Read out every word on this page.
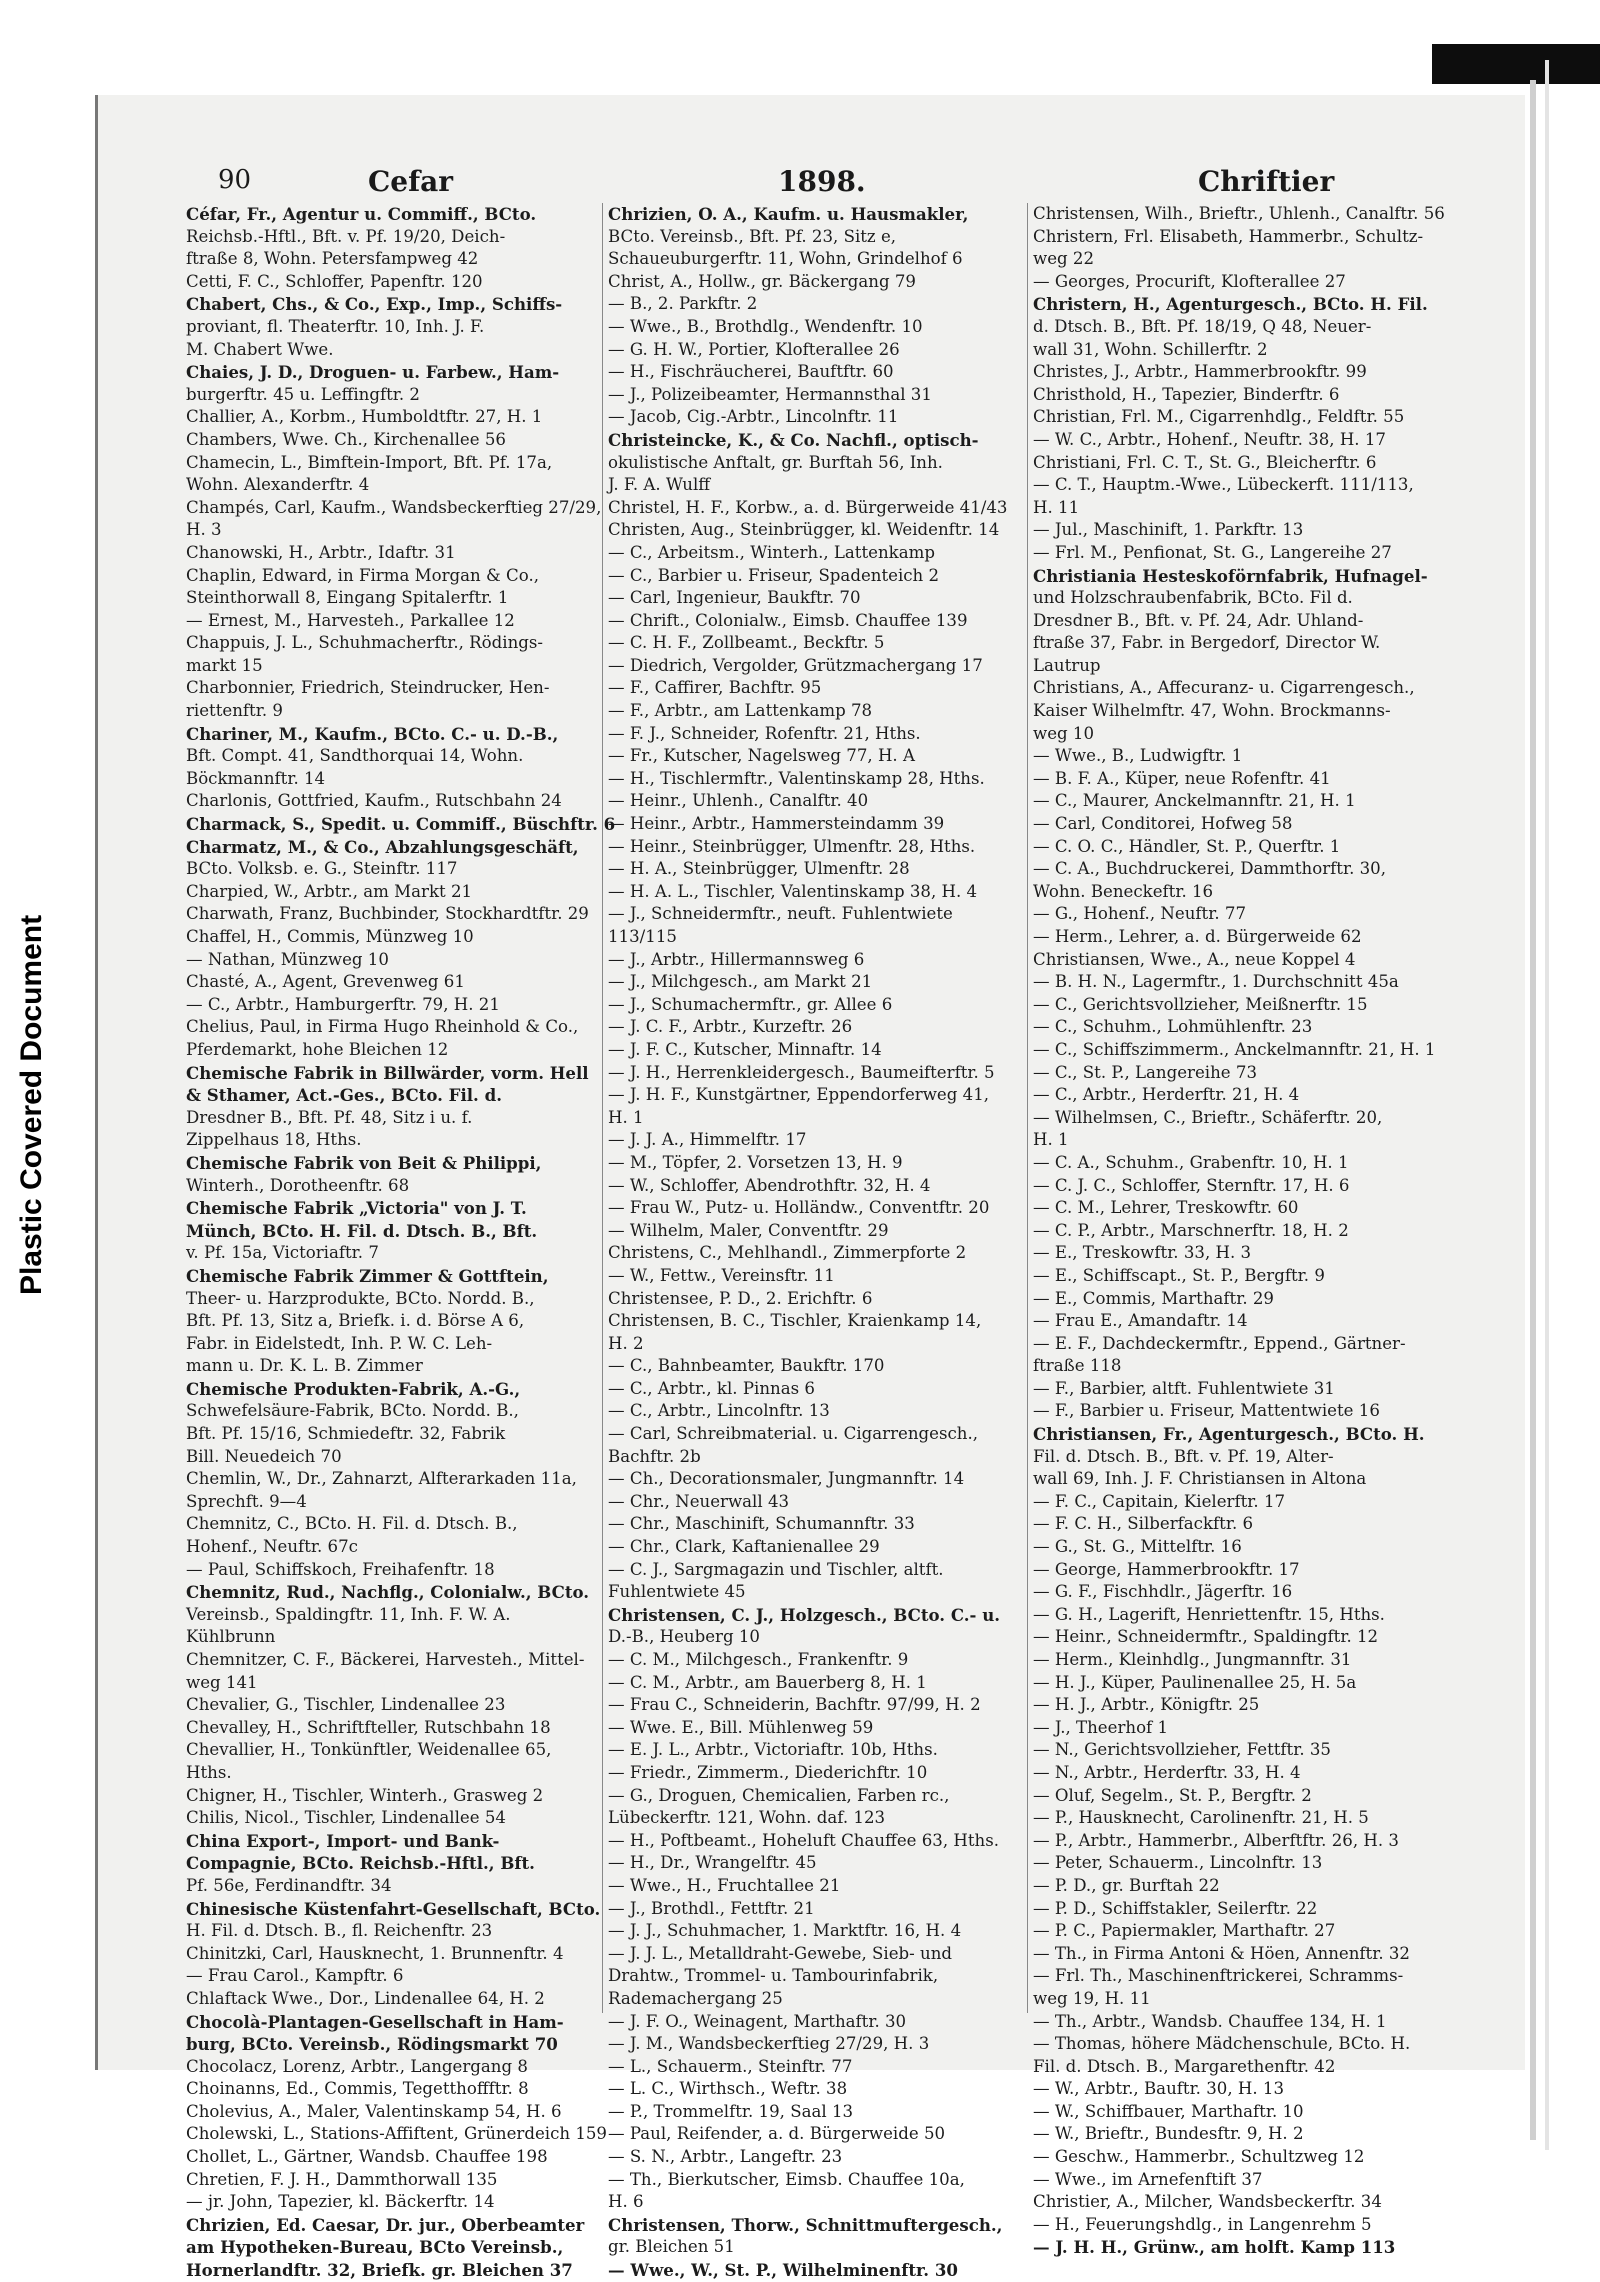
Plastic Covered Document
90	Cefar	1898.	Chriftier

Céfar, Fr., Agentur u. Commiff., BCto.

Reichsb.-Hftl., Bft. v. Pf. 19/20, Deich-

ftraße 8, Wohn. Petersfampweg 42

Cetti, F. C., Schloffer, Papenftr. 120

Chabert, Chs., & Co., Exp., Imp., Schiffs-

proviant, fl. Theaterftr. 10, Inh. J. F.

M. Chabert Wwe.

Chaies, J. D., Droguen- u. Farbew., Ham-

burgerftr. 45 u. Leffingftr. 2

Challier, A., Korbm., Humboldtftr. 27, H. 1

Chambers, Wwe. Ch., Kirchenallee 56

Chamecin, L., Bimftein-Import, Bft. Pf. 17a,

Wohn. Alexanderftr. 4

Champés, Carl, Kaufm., Wandsbeckerftieg 27/29,

H. 3

Chanowski, H., Arbtr., Idaftr. 31

Chaplin, Edward, in Firma Morgan & Co.,

Steinthorwall 8, Eingang Spitalerftr. 1

— Ernest, M., Harvesteh., Parkallee 12

Chappuis, J. L., Schuhmacherftr., Rödings-

markt 15

Charbonnier, Friedrich, Steindrucker, Hen-

riettenftr. 9

Chariner, M., Kaufm., BCto. C.- u. D.-B.,

Bft. Compt. 41, Sandthorquai 14, Wohn.

Böckmannftr. 14

Charlonis, Gottfried, Kaufm., Rutschbahn 24

Charmack, S., Spedit. u. Commiff., Büschftr. 6

Charmatz, M., & Co., Abzahlungsgeschäft,

BCto. Volksb. e. G., Steinftr. 117

Charpied, W., Arbtr., am Markt 21

Charwath, Franz, Buchbinder, Stockhardtftr. 29

Chaffel, H., Commis, Münzweg 10

— Nathan, Münzweg 10

Chasté, A., Agent, Grevenweg 61

— C., Arbtr., Hamburgerftr. 79, H. 21

Chelius, Paul, in Firma Hugo Rheinhold & Co.,

Pferdemarkt, hohe Bleichen 12

Chemische Fabrik in Billwärder, vorm. Hell

& Sthamer, Act.-Ges., BCto. Fil. d.

Dresdner B., Bft. Pf. 48, Sitz i u. f.

Zippelhaus 18, Hths.

Chemische Fabrik von Beit & Philippi,

Winterh., Dorotheenftr. 68

Chemische Fabrik „Victoria" von J. T.

Münch, BCto. H. Fil. d. Dtsch. B., Bft.

v. Pf. 15a, Victoriaftr. 7

Chemische Fabrik Zimmer & Gottftein,

Theer- u. Harzprodukte, BCto. Nordd. B.,

Bft. Pf. 13, Sitz a, Briefk. i. d. Börse A 6,

Fabr. in Eidelstedt, Inh. P. W. C. Leh-

mann u. Dr. K. L. B. Zimmer

Chemische Produkten-Fabrik, A.-G.,

Schwefelsäure-Fabrik, BCto. Nordd. B.,

Bft. Pf. 15/16, Schmiedeftr. 32, Fabrik

Bill. Neuedeich 70

Chemlin, W., Dr., Zahnarzt, Alfterarkaden 11a,

Sprechft. 9—4

Chemnitz, C., BCto. H. Fil. d. Dtsch. B.,

Hohenf., Neuftr. 67c

— Paul, Schiffskoch, Freihafenftr. 18

Chemnitz, Rud., Nachflg., Colonialw., BCto.

Vereinsb., Spaldingftr. 11, Inh. F. W. A.

Kühlbrunn

Chemnitzer, C. F., Bäckerei, Harvesteh., Mittel-

weg 141

Chevalier, G., Tischler, Lindenallee 23

Chevalley, H., Schriftfteller, Rutschbahn 18

Chevallier, H., Tonkünftler, Weidenallee 65,

Hths.

Chigner, H., Tischler, Winterh., Grasweg 2

Chilis, Nicol., Tischler, Lindenallee 54

China Export-, Import- und Bank-

Compagnie, BCto. Reichsb.-Hftl., Bft.

Pf. 56e, Ferdinandftr. 34

Chinesische Küstenfahrt-Gesellschaft, BCto.

H. Fil. d. Dtsch. B., fl. Reichenftr. 23

Chinitzki, Carl, Hausknecht, 1. Brunnenftr. 4

— Frau Carol., Kampftr. 6

Chlaftack Wwe., Dor., Lindenallee 64, H. 2

Chocolà-Plantagen-Gesellschaft in Ham-

burg, BCto. Vereinsb., Rödingsmarkt 70

Chocolacz, Lorenz, Arbtr., Langergang 8

Choinanns, Ed., Commis, Tegetthoffftr. 8

Cholevius, A., Maler, Valentinskamp 54, H. 6

Cholewski, L., Stations-Affiftent, Grünerdeich 159

Chollet, L., Gärtner, Wandsb. Chauffee 198

Chretien, F. J. H., Dammthorwall 135

— jr. John, Tapezier, kl. Bäckerftr. 14

Chrizien, Ed. Caesar, Dr. jur., Oberbeamter

am Hypotheken-Bureau, BCto Vereinsb.,

Hornerlandftr. 32, Briefk. gr. Bleichen 37

Chrizien, O. A., Kaufm. u. Hausmakler,

BCto. Vereinsb., Bft. Pf. 23, Sitz e,

Schaueuburgerftr. 11, Wohn, Grindelhof 6

Christ, A., Hollw., gr. Bäckergang 79

— B., 2. Parkftr. 2

— Wwe., B., Brothdlg., Wendenftr. 10

— G. H. W., Portier, Klofterallee 26

— H., Fischräucherei, Bauftftr. 60

— J., Polizeibeamter, Hermannsthal 31

— Jacob, Cig.-Arbtr., Lincolnftr. 11

Christeincke, K., & Co. Nachfl., optisch-

okulistische Anftalt, gr. Burftah 56, Inh.

J. F. A. Wulff

Christel, H. F., Korbw., a. d. Bürgerweide 41/43

Christen, Aug., Steinbrügger, kl. Weidenftr. 14

— C., Arbeitsm., Winterh., Lattenkamp

— C., Barbier u. Friseur, Spadenteich 2

— Carl, Ingenieur, Baukftr. 70

— Chrift., Colonialw., Eimsb. Chauffee 139

— C. H. F., Zollbeamt., Beckftr. 5

— Diedrich, Vergolder, Grützmachergang 17

— F., Caffirer, Bachftr. 95

— F., Arbtr., am Lattenkamp 78

— F. J., Schneider, Rofenftr. 21, Hths.

— Fr., Kutscher, Nagelsweg 77, H. A

— H., Tischlermftr., Valentinskamp 28, Hths.

— Heinr., Uhlenh., Canalftr. 40

— Heinr., Arbtr., Hammersteindamm 39

— Heinr., Steinbrügger, Ulmenftr. 28, Hths.

— H. A., Steinbrügger, Ulmenftr. 28

— H. A. L., Tischler, Valentinskamp 38, H. 4

— J., Schneidermftr., neuft. Fuhlentwiete

113/115

— J., Arbtr., Hillermannsweg 6

— J., Milchgesch., am Markt 21

— J., Schumachermftr., gr. Allee 6

— J. C. F., Arbtr., Kurzeftr. 26

— J. F. C., Kutscher, Minnaftr. 14

— J. H., Herrenkleidergesch., Baumeifterftr. 5

— J. H. F., Kunstgärtner, Eppendorferweg 41,

H. 1

— J. J. A., Himmelftr. 17

— M., Töpfer, 2. Vorsetzen 13, H. 9

— W., Schloffer, Abendrothftr. 32, H. 4

— Frau W., Putz- u. Holländw., Conventftr. 20

— Wilhelm, Maler, Conventftr. 29

Christens, C., Mehlhandl., Zimmerpforte 2

— W., Fettw., Vereinsftr. 11

Christensee, P. D., 2. Erichftr. 6

Christensen, B. C., Tischler, Kraienkamp 14,

H. 2

— C., Bahnbeamter, Baukftr. 170

— C., Arbtr., kl. Pinnas 6

— C., Arbtr., Lincolnftr. 13

— Carl, Schreibmaterial. u. Cigarrengesch.,

Bachftr. 2b

— Ch., Decorationsmaler, Jungmannftr. 14

— Chr., Neuerwall 43

— Chr., Maschinift, Schumannftr. 33

— Chr., Clark, Kaftanienallee 29

— C. J., Sargmagazin und Tischler, altft.

Fuhlentwiete 45

Christensen, C. J., Holzgesch., BCto. C.- u.

D.-B., Heuberg 10

— C. M., Milchgesch., Frankenftr. 9

— C. M., Arbtr., am Bauerberg 8, H. 1

— Frau C., Schneiderin, Bachftr. 97/99, H. 2

— Wwe. E., Bill. Mühlenweg 59

— E. J. L., Arbtr., Victoriaftr. 10b, Hths.

— Friedr., Zimmerm., Diederichftr. 10

— G., Droguen, Chemicalien, Farben rc.,

Lübeckerftr. 121, Wohn. daf. 123

— H., Poftbeamt., Hoheluft Chauffee 63, Hths.

— H., Dr., Wrangelftr. 45

— Wwe., H., Fruchtallee 21

— J., Brothdl., Fettftr. 21

— J. J., Schuhmacher, 1. Marktftr. 16, H. 4

— J. J. L., Metalldraht-Gewebe, Sieb- und

Drahtw., Trommel- u. Tambourinfabrik,

Rademachergang 25

— J. F. O., Weinagent, Marthaftr. 30

— J. M., Wandsbeckerftieg 27/29, H. 3

— L., Schauerm., Steinftr. 77

— L. C., Wirthsch., Weftr. 38

— P., Trommelftr. 19, Saal 13

— Paul, Reifender, a. d. Bürgerweide 50

— S. N., Arbtr., Langeftr. 23

— Th., Bierkutscher, Eimsb. Chauffee 10a,

H. 6

Christensen, Thorw., Schnittmuftergesch.,

gr. Bleichen 51

— Wwe., W., St. P., Wilhelminenftr. 30

Christensen, Wilh., Brieftr., Uhlenh., Canalftr. 56

Christern, Frl. Elisabeth, Hammerbr., Schultz-

weg 22

— Georges, Procurift, Klofterallee 27

Christern, H., Agenturgesch., BCto. H. Fil.

d. Dtsch. B., Bft. Pf. 18/19, Q 48, Neuer-

wall 31, Wohn. Schillerftr. 2

Christes, J., Arbtr., Hammerbrookftr. 99

Christhold, H., Tapezier, Binderftr. 6

Christian, Frl. M., Cigarrenhdlg., Feldftr. 55

— W. C., Arbtr., Hohenf., Neuftr. 38, H. 17

Christiani, Frl. C. T., St. G., Bleicherftr. 6

— C. T., Hauptm.-Wwe., Lübeckerft. 111/113,

H. 11

— Jul., Maschinift, 1. Parkftr. 13

— Frl. M., Penfionat, St. G., Langereihe 27

Christiania Hesteskoförnfabrik, Hufnagel-

und Holzschraubenfabrik, BCto. Fil d.

Dresdner B., Bft. v. Pf. 24, Adr. Uhland-

ftraße 37, Fabr. in Bergedorf, Director W.

Lautrup

Christians, A., Affecuranz- u. Cigarrengesch.,

Kaiser Wilhelmftr. 47, Wohn. Brockmanns-

weg 10

— Wwe., B., Ludwigftr. 1

— B. F. A., Küper, neue Rofenftr. 41

— C., Maurer, Anckelmannftr. 21, H. 1

— Carl, Conditorei, Hofweg 58

— C. O. C., Händler, St. P., Querftr. 1

— C. A., Buchdruckerei, Dammthorftr. 30,

Wohn. Beneckeftr. 16

— G., Hohenf., Neuftr. 77

— Herm., Lehrer, a. d. Bürgerweide 62

Christiansen, Wwe., A., neue Koppel 4

— B. H. N., Lagermftr., 1. Durchschnitt 45a

— C., Gerichtsvollzieher, Meißnerftr. 15

— C., Schuhm., Lohmühlenftr. 23

— C., Schiffszimmerm., Anckelmannftr. 21, H. 1

— C., St. P., Langereihe 73

— C., Arbtr., Herderftr. 21, H. 4

— Wilhelmsen, C., Brieftr., Schäferftr. 20,

H. 1

— C. A., Schuhm., Grabenftr. 10, H. 1

— C. J. C., Schloffer, Sternftr. 17, H. 6

— C. M., Lehrer, Treskowftr. 60

— C. P., Arbtr., Marschnerftr. 18, H. 2

— E., Treskowftr. 33, H. 3

— E., Schiffscapt., St. P., Bergftr. 9

— E., Commis, Marthaftr. 29

— Frau E., Amandaftr. 14

— E. F., Dachdeckermftr., Eppend., Gärtner-

ftraße 118

— F., Barbier, altft. Fuhlentwiete 31

— F., Barbier u. Friseur, Mattentwiete 16

Christiansen, Fr., Agenturgesch., BCto. H.

Fil. d. Dtsch. B., Bft. v. Pf. 19, Alter-

wall 69, Inh. J. F. Christiansen in Altona

— F. C., Capitain, Kielerftr. 17

— F. C. H., Silberfackftr. 6

— G., St. G., Mittelftr. 16

— George, Hammerbrookftr. 17

— G. F., Fischhdlr., Jägerftr. 16

— G. H., Lagerift, Henriettenftr. 15, Hths.

— Heinr., Schneidermftr., Spaldingftr. 12

— Herm., Kleinhdlg., Jungmannftr. 31

— H. J., Küper, Paulinenallee 25, H. 5a

— H. J., Arbtr., Königftr. 25

— J., Theerhof 1

— N., Gerichtsvollzieher, Fettftr. 35

— N., Arbtr., Herderftr. 33, H. 4

— Oluf, Segelm., St. P., Bergftr. 2

— P., Hausknecht, Carolinenftr. 21, H. 5

— P., Arbtr., Hammerbr., Alberftftr. 26, H. 3

— Peter, Schauerm., Lincolnftr. 13

— P. D., gr. Burftah 22

— P. D., Schiffstakler, Seilerftr. 22

— P. C., Papiermakler, Marthaftr. 27

— Th., in Firma Antoni & Höen, Annenftr. 32

— Frl. Th., Maschinenftrickerei, Schramms-

weg 19, H. 11

— Th., Arbtr., Wandsb. Chauffee 134, H. 1

— Thomas, höhere Mädchenschule, BCto. H.

Fil. d. Dtsch. B., Margarethenftr. 42

— W., Arbtr., Bauftr. 30, H. 13

— W., Schiffbauer, Marthaftr. 10

— W., Brieftr., Bundesftr. 9, H. 2

— Geschw., Hammerbr., Schultzweg 12

— Wwe., im Arnefenftift 37

Christier, A., Milcher, Wandsbeckerftr. 34

— H., Feuerungshdlg., in Langenrehm 5

— J. H. H., Grünw., am holft. Kamp 113
